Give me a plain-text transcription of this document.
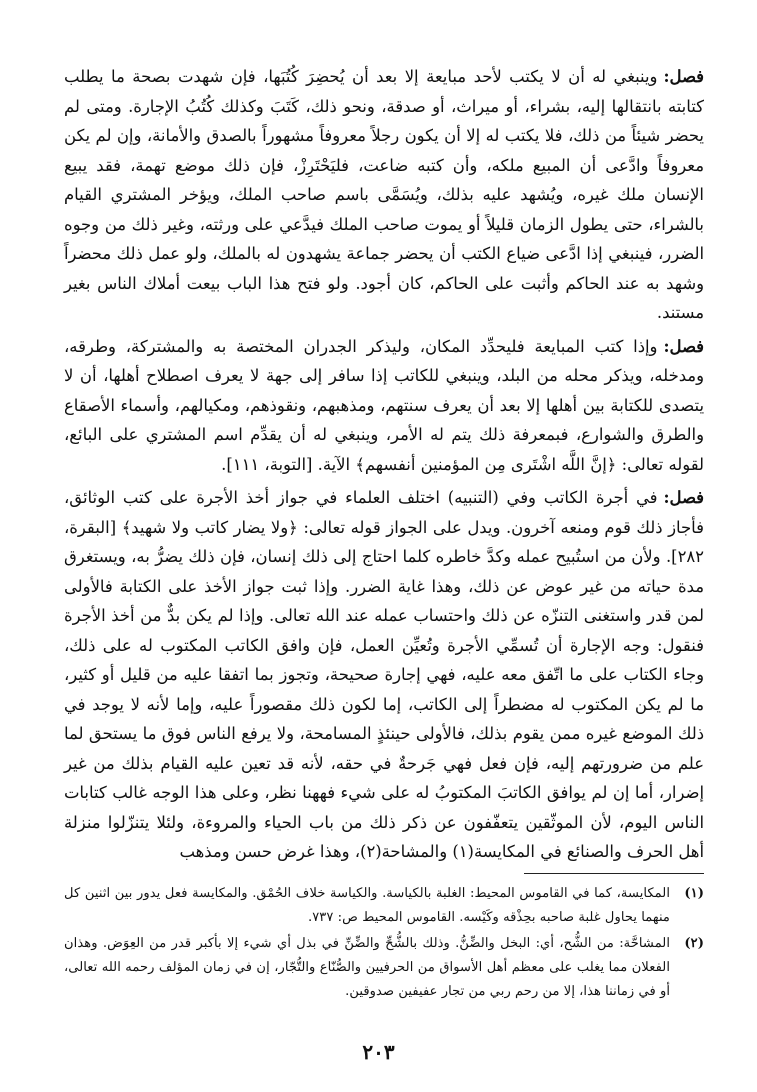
فصل:وينبغي له أن لا يكتب لأحد مبايعة إلا بعد أن يُحضِرَ كُتُبَها، فإن شهدت بصحة ما يطلب كتابته بانتقالها إليه، بشراء، أو ميراث، أو صدقة، ونحو ذلك، كَتَبَ وكذلك كُتُبُ الإجارة. ومتى لم يحضر شيئاً من ذلك، فلا يكتب له إلا أن يكون رجلاً معروفاً مشهوراً بالصدق والأمانة، وإن لم يكن معروفاً وادَّعى أن المبيع ملكه، وأن كتبه ضاعت، فليَحْتَرِزْ، فإن ذلك موضع تهمة، فقد يبيع الإنسان ملك غيره، ويُشهد عليه بذلك، ويُسَمَّى باسم صاحب الملك، ويؤخر المشتري القيام بالشراء، حتى يطول الزمان قليلاً أو يموت صاحب الملك فيدَّعي على ورثته، وغير ذلك من وجوه الضرر، فينبغي إذا ادَّعى ضياع الكتب أن يحضر جماعة يشهدون له بالملك، ولو عمل ذلك محضراً وشهد به عند الحاكم وأثبت على الحاكم، كان أجود. ولو فتح هذا الباب بيعت أملاك الناس بغير مستند.

فصل:وإذا كتب المبايعة فليحدِّد المكان، وليذكر الجدران المختصة به والمشتركة، وطرقه، ومدخله، ويذكر محله من البلد، وينبغي للكاتب إذا سافر إلى جهة لا يعرف اصطلاح أهلها، أن لا يتصدى للكتابة بين أهلها إلا بعد أن يعرف سنتهم، ومذهبهم، ونقوذهم، ومكيالهم، وأسماء الأصقاع والطرق والشوارع، فبمعرفة ذلك يتم له الأمر، وينبغي له أن يقدِّم اسم المشتري على البائع، لقوله تعالى: ﴿إنَّ اللَّه اشْتَرى مِن المؤمنين أنفسهم﴾ الآية. [التوبة، ١١١].

فصل:في أجرة الكاتب وفي (التنبيه) اختلف العلماء في جواز أخذ الأجرة على كتب الوثائق، فأجاز ذلك قوم ومنعه آخرون. ويدل على الجواز قوله تعالى: ﴿ولا يضار كاتب ولا شهيد﴾ [البقرة، ٢٨٢]. ولأن من استُبيح عمله وكدَّ خاطره كلما احتاج إلى ذلك إنسان، فإن ذلك يضرُّ به، ويستغرق مدة حياته من غير عوض عن ذلك، وهذا غاية الضرر. وإذا ثبت جواز الأخذ على الكتابة فالأولى لمن قدر واستغنى التنزّه عن ذلك واحتساب عمله عند الله تعالى. وإذا لم يكن بدٌّ من أخذ الأجرة فنقول: وجه الإجارة أن تُسمِّي الأجرة وتُعيِّن العمل، فإن وافق الكاتب المكتوب له على ذلك، وجاء الكتاب على ما اتّفق معه عليه، فهي إجارة صحيحة، وتجوز بما اتفقا عليه من قليل أو كثير، ما لم يكن المكتوب له مضطراً إلى الكاتب، إما لكون ذلك مقصوراً عليه، وإما لأنه لا يوجد في ذلك الموضع غيره ممن يقوم بذلك، فالأولى حينئذٍ المسامحة، ولا يرفع الناس فوق ما يستحق لما علم من ضرورتهم إليه، فإن فعل فهي جَرحةٌ في حقه، لأنه قد تعين عليه القيام بذلك من غير إضرار، أما إن لم يوافق الكاتبَ المكتوبُ له على شيء فههنا نظر، وعلى هذا الوجه غالب كتابات الناس اليوم، لأن الموثّقين يتعفّفون عن ذكر ذلك من باب الحياء والمروءة، ولئلا يتنزّلوا منزلة أهل الحرف والصنائع في المكايسة(١) والمشاحة(٢)، وهذا غرض حسن ومذهب

(١)
المكايسة، كما في القاموس المحيط: الغلبة بالكياسة. والكياسة خلاف الحُمْق. والمكايسة فعل يدور بين اثنين كل منهما يحاول غلبة صاحبه بحِذْقه وكَيْسه. القاموس المحيط ص: ٧٣٧.
(٢)
المشاحَّة: من الشُّح، أي: البخل والضِّنُّ. وذلك بالشُّحِّ والضِّنِّ في بذل أي شيء إلا بأكبر قدر من العِوَض. وهذان الفعلان مما يغلب على معظم أهل الأسواق من الحرفيين والصُّنّاع والتُّجّار، إن في زمان المؤلف رحمه الله تعالى، أو في زماننا هذا، إلا من رحم ربي من تجار عفيفين صدوقين.
٢٠٣
